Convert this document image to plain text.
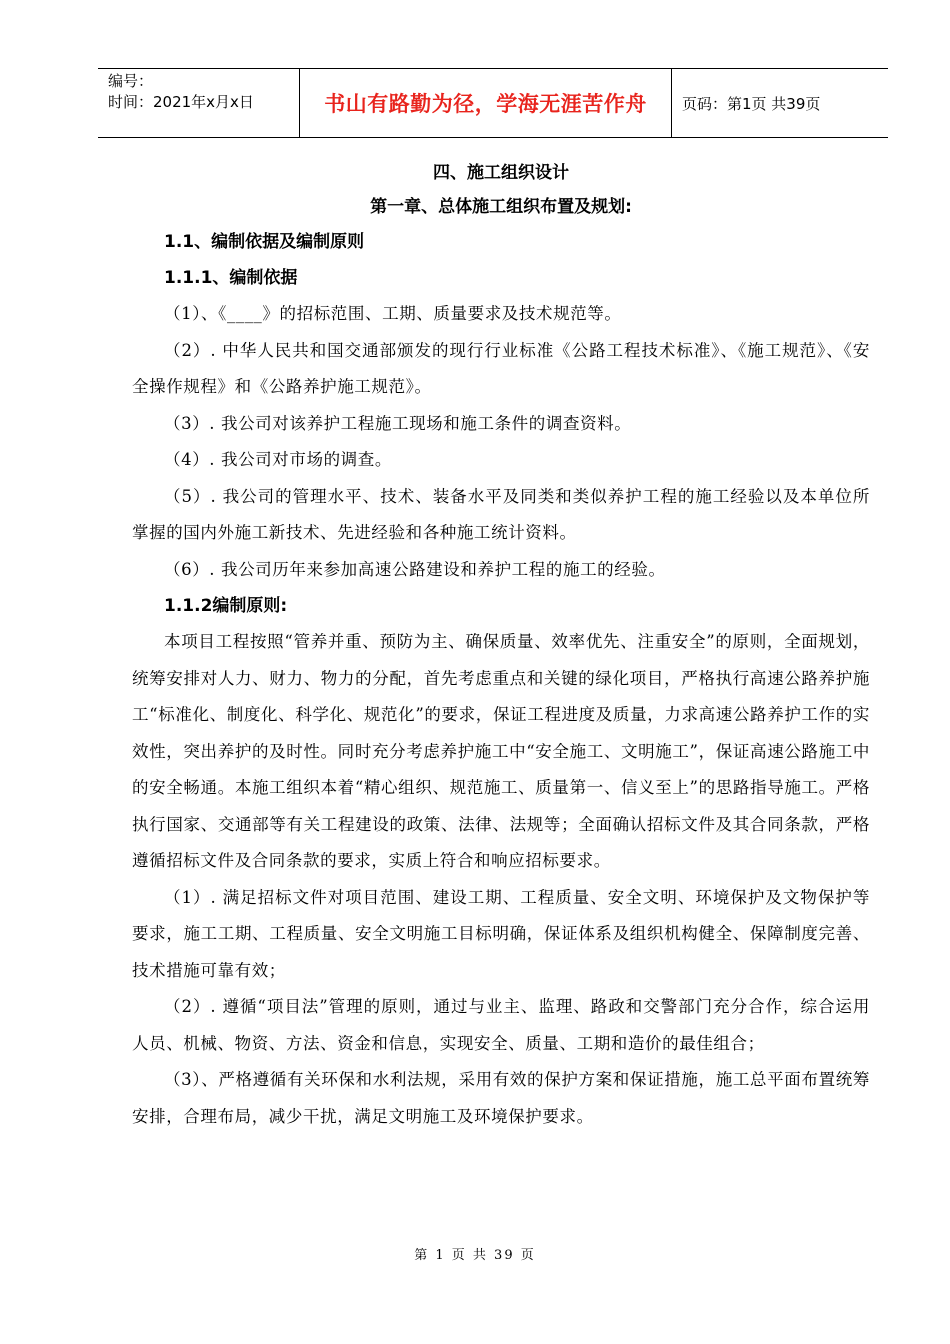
编号：
时间：2021年x月x日	书山有路勤为径，学海无涯苦作舟	页码：第1页 共39页
四、施工组织设计
第一章、总体施工组织布置及规划:
1.1、编制依据及编制原则
1.1.1、编制依据

（1）、《____》的招标范围、工期、质量要求及技术规范等。

（2）. 中华人民共和国交通部颁发的现行行业标准《公路工程技术标准》、《施工规范》、《安全操作规程》和《公路养护施工规范》。

（3）. 我公司对该养护工程施工现场和施工条件的调查资料。

（4）. 我公司对市场的调查。

（5）. 我公司的管理水平、技术、装备水平及同类和类似养护工程的施工经验以及本单位所掌握的国内外施工新技术、先进经验和各种施工统计资料。

（6）. 我公司历年来参加高速公路建设和养护工程的施工的经验。

1.1.2编制原则:

本项目工程按照“管养并重、预防为主、确保质量、效率优先、注重安全”的原则，全面规划，统筹安排对人力、财力、物力的分配，首先考虑重点和关键的绿化项目，严格执行高速公路养护施工“标准化、制度化、科学化、规范化”的要求，保证工程进度及质量，力求高速公路养护工作的实效性，突出养护的及时性。同时充分考虑养护施工中“安全施工、文明施工”，保证高速公路施工中的安全畅通。本施工组织本着“精心组织、规范施工、质量第一、信义至上”的思路指导施工。严格执行国家、交通部等有关工程建设的政策、法律、法规等；全面确认招标文件及其合同条款，严格遵循招标文件及合同条款的要求，实质上符合和响应招标要求。

（1）. 满足招标文件对项目范围、建设工期、工程质量、安全文明、环境保护及文物保护等要求，施工工期、工程质量、安全文明施工目标明确，保证体系及组织机构健全、保障制度完善、技术措施可靠有效；

（2）. 遵循“项目法”管理的原则，通过与业主、监理、路政和交警部门充分合作，综合运用人员、机械、物资、方法、资金和信息，实现安全、质量、工期和造价的最佳组合；

（3）、严格遵循有关环保和水利法规，采用有效的保护方案和保证措施，施工总平面布置统筹安排，合理布局，减少干扰，满足文明施工及环境保护要求。

第 1 页 共 39 页
